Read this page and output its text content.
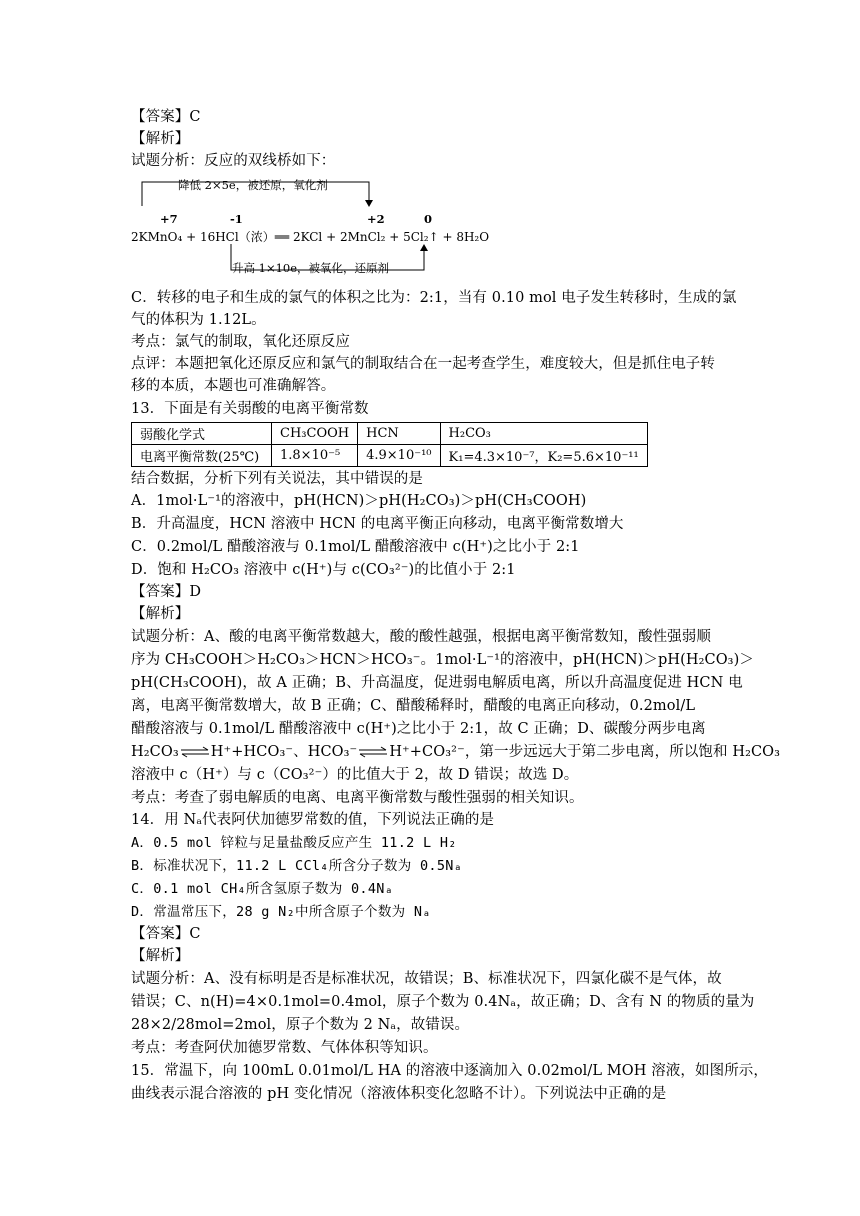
【答案】C
【解析】
试题分析：反应的双线桥如下：
降低 2×5e，被还原，氧化剂
+7	-1	+2	0
2KMnO₄ + 16HCl（浓）══ 2KCl + 2MnCl₂ + 5Cl₂↑ + 8H₂O
升高 1×10e，被氧化，还原剂
C．转移的电子和生成的氯气的体积之比为：2:1，当有 0.10 mol 电子发生转移时，生成的氯
气的体积为 1.12L。
考点：氯气的制取，氧化还原反应
点评：本题把氧化还原反应和氯气的制取结合在一起考查学生，难度较大，但是抓住电子转
移的本质，本题也可准确解答。
13．下面是有关弱酸的电离平衡常数
弱酸化学式	CH₃COOH	HCN	H₂CO₃
电离平衡常数(25℃)	1.8×10⁻⁵	4.9×10⁻¹⁰	K₁=4.3×10⁻⁷，K₂=5.6×10⁻¹¹
结合数据，分析下列有关说法，其中错误的是
A．1mol·L⁻¹的溶液中，pH(HCN)＞pH(H₂CO₃)＞pH(CH₃COOH)
B．升高温度，HCN 溶液中 HCN 的电离平衡正向移动，电离平衡常数增大
C．0.2mol/L 醋酸溶液与 0.1mol/L 醋酸溶液中 c(H⁺)之比小于 2:1
D．饱和 H₂CO₃ 溶液中 c(H⁺)与 c(CO₃²⁻)的比值小于 2:1
【答案】D
【解析】
试题分析：A、酸的电离平衡常数越大，酸的酸性越强，根据电离平衡常数知，酸性强弱顺
序为 CH₃COOH＞H₂CO₃＞HCN＞HCO₃⁻。1mol·L⁻¹的溶液中，pH(HCN)＞pH(H₂CO₃)＞
pH(CH₃COOH)，故 A 正确；B、升高温度，促进弱电解质电离，所以升高温度促进 HCN 电
离，电离平衡常数增大，故 B 正确；C、醋酸稀释时，醋酸的电离正向移动，0.2mol/L
醋酸溶液与 0.1mol/L 醋酸溶液中 c(H⁺)之比小于 2:1，故 C 正确；D、碳酸分两步电离
H₂CO₃⇌H⁺+HCO₃⁻、HCO₃⁻⇌H⁺+CO₃²⁻，第一步远远大于第二步电离，所以饱和 H₂CO₃
溶液中 c（H⁺）与 c（CO₃²⁻）的比值大于 2，故 D 错误；故选 D。
考点：考查了弱电解质的电离、电离平衡常数与酸性强弱的相关知识。
14．用 Nₐ代表阿伏加德罗常数的值，下列说法正确的是
A．0.5 mol 锌粒与足量盐酸反应产生 11.2 L H₂
B．标准状况下，11.2 L CCl₄所含分子数为 0.5Nₐ
C．0.1 mol CH₄所含氢原子数为 0.4Nₐ
D．常温常压下，28 g N₂中所含原子个数为 Nₐ
【答案】C
【解析】
试题分析：A、没有标明是否是标准状况，故错误；B、标准状况下，四氯化碳不是气体，故
错误；C、n(H)=4×0.1mol=0.4mol，原子个数为 0.4Nₐ，故正确；D、含有 N 的物质的量为
28×2/28mol=2mol，原子个数为 2 Nₐ，故错误。
考点：考查阿伏加德罗常数、气体体积等知识。
15．常温下，向 100mL 0.01mol/L HA 的溶液中逐滴加入 0.02mol/L MOH 溶液，如图所示，
曲线表示混合溶液的 pH 变化情况（溶液体积变化忽略不计）。下列说法中正确的是
